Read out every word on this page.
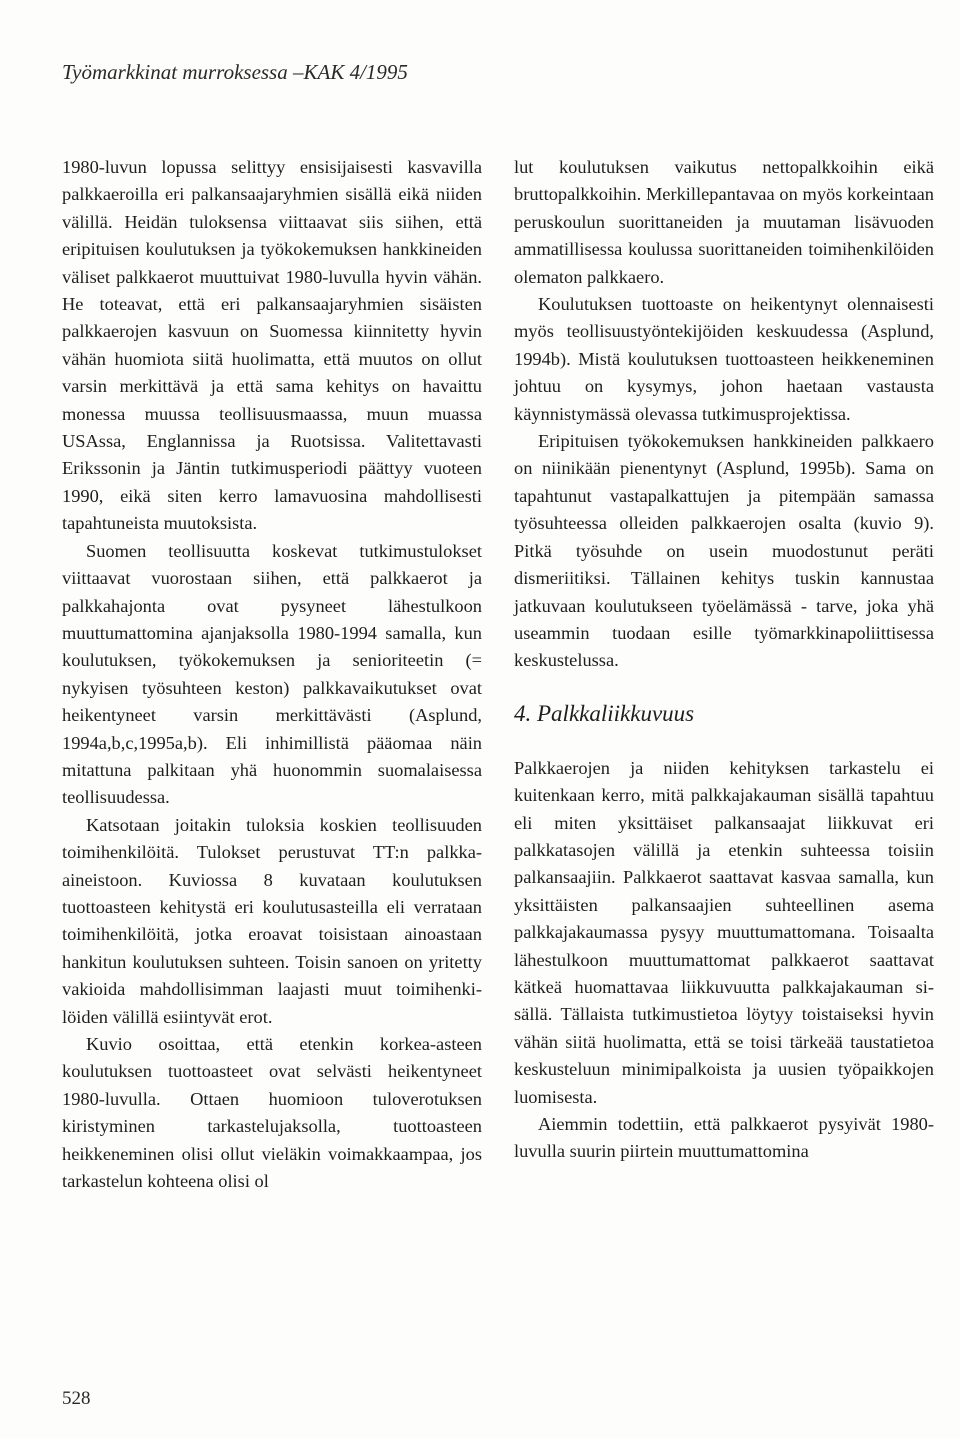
Työmarkkinat murroksessa –KAK 4/1995

1980-luvun lopussa selittyy ensisijaisesti kasvavilla palkkaeroilla eri palkansaajaryhmien sisällä eikä niiden välillä. Heidän tuloksensa viittaavat siis siihen, että eripituisen koulutuksen ja työkokemuksen hankkineiden väliset palkkaerot muuttuivat 1980-luvulla hyvin vähän. He toteavat, että eri palkansaajaryhmien sisäisten palkkaerojen kasvuun on Suomessa kiinnitetty hyvin vähän huomiota siitä huolimatta, että muutos on ollut varsin merkittävä ja että sama kehitys on havaittu monessa muussa teollisuusmaassa, muun muassa USAssa, Englannissa ja Ruotsissa. Valitettavasti Erikssonin ja Jäntin tutkimusperiodi päättyy vuoteen 1990, eikä siten kerro lamavuosina mahdollisesti tapahtuneista muutoksista.

Suomen teollisuutta koskevat tutkimustulokset viittaavat vuorostaan siihen, että palkkaerot ja palkkahajonta ovat pysyneet lähestulkoon muuttumattomina ajanjaksolla 1980-1994 samalla, kun koulutuksen, työkokemuksen ja senioriteetin (= nykyisen työsuhteen keston) palkkavaikutukset ovat heikentyneet varsin merkittävästi (Asplund, 1994a,b,c,1995a,b). Eli inhimillistä pääomaa näin mitattuna palkitaan yhä huonommin suomalaisessa teollisuudessa.

Katsotaan joitakin tuloksia koskien teollisuuden toimihenkilöitä. Tulokset perustuvat TT:n palkka-aineistoon. Kuviossa 8 kuvataan koulutuksen tuottoasteen kehitystä eri koulutusasteilla eli verrataan toimihenkilöitä, jotka eroavat toisistaan ainoastaan hankitun koulutuksen suhteen. Toisin sanoen on yritetty vakioida mahdollisimman laajasti muut toimihenkilöiden välillä esiintyvät erot.

Kuvio osoittaa, että etenkin korkea-asteen koulutuksen tuottoasteet ovat selvästi heikentyneet 1980-luvulla. Ottaen huomioon tuloverotuksen kiristyminen tarkastelujaksolla, tuottoasteen heikkeneminen olisi ollut vieläkin voimakkaampaa, jos tarkastelun kohteena olisi ol

lut koulutuksen vaikutus nettopalkkoihin eikä bruttopalkkoihin. Merkillepantavaa on myös korkeintaan peruskoulun suorittaneiden ja muutaman lisävuoden ammatillisessa koulussa suorittaneiden toimihenkilöiden olematon palkkaero.

Koulutuksen tuottoaste on heikentynyt olennaisesti myös teollisuustyöntekijöiden keskuudessa (Asplund, 1994b). Mistä koulutuksen tuottoasteen heikkeneminen johtuu on kysymys, johon haetaan vastausta käynnistymässä olevassa tutkimusprojektissa.

Eripituisen työkokemuksen hankkineiden palkkaero on niinikään pienentynyt (Asplund, 1995b). Sama on tapahtunut vastapalkattujen ja pitempään samassa työsuhteessa olleiden palkkaerojen osalta (kuvio 9). Pitkä työsuhde on usein muodostunut peräti dismeriitiksi. Tällainen kehitys tuskin kannustaa jatkuvaan koulutukseen työelämässä - tarve, joka yhä useammin tuodaan esille työmarkkinapoliittisessa keskustelussa.

4. Palkkaliikkuvuus

Palkkaerojen ja niiden kehityksen tarkastelu ei kuitenkaan kerro, mitä palkkajakauman sisällä tapahtuu eli miten yksittäiset palkansaajat liikkuvat eri palkkatasojen välillä ja etenkin suhteessa toisiin palkansaajiin. Palkkaerot saattavat kasvaa samalla, kun yksittäisten palkansaajien suhteellinen asema palkkajakaumassa pysyy muuttumattomana. Toisaalta lähestulkoon muuttumattomat palkkaerot saattavat kätkeä huomattavaa liikkuvuutta palkkajakauman sisällä. Tällaista tutkimustietoa löytyy toistaiseksi hyvin vähän siitä huolimatta, että se toisi tärkeää taustatietoa keskusteluun minimipalkoista ja uusien työpaikkojen luomisesta.

Aiemmin todettiin, että palkkaerot pysyivät 1980-luvulla suurin piirtein muuttumattomina

528
